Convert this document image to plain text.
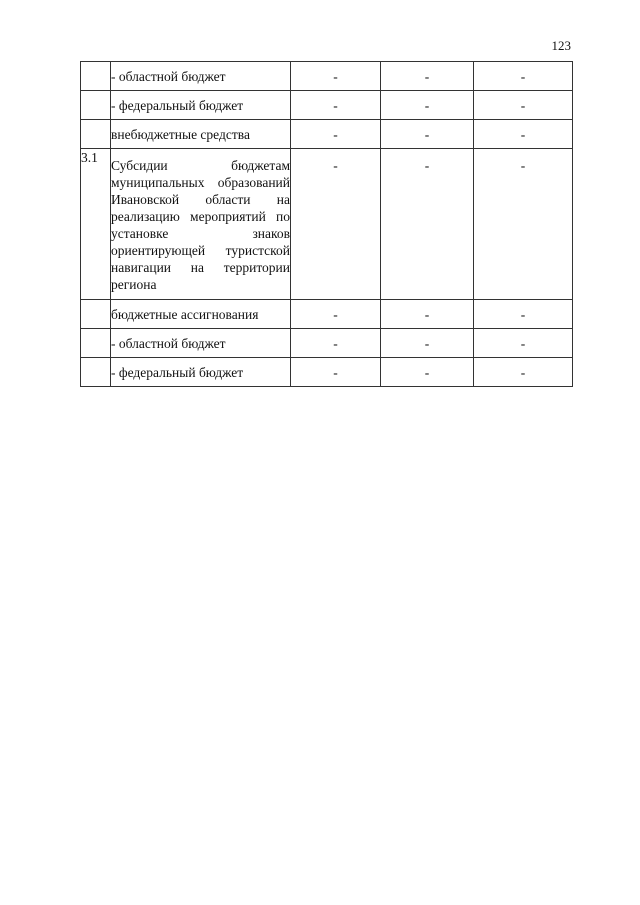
123
	- областной бюджет	-	-	-
	- федеральный бюджет	-	-	-
	внебюджетные средства	-	-	-
3.1	Субсидии бюджетам муниципальных образований Ивановской области на реализацию мероприятий по установке знаков ориентирующей туристской навигации на территории региона	-	-	-
	бюджетные ассигнования	-	-	-
	- областной бюджет	-	-	-
	- федеральный бюджет	-	-	-
